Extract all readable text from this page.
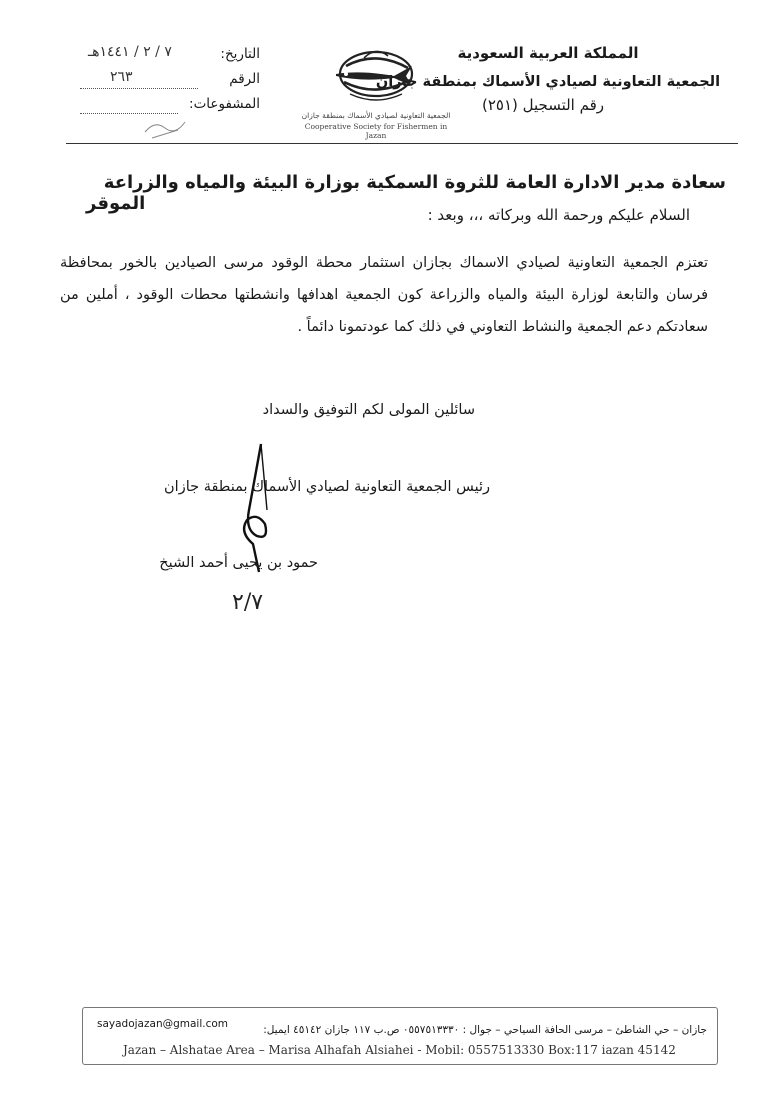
المملكة العربية السعودية
الجمعية التعاونية لصيادي الأسماك بمنطقة جازان
رقم التسجيل (٢٥١)
التاريخ:
٧ / ٢ / ١٤٤١هـ
الرقم
٢٦٣
المشفوعات:
الجمعية التعاونية لصيادي الأسماك بمنطقة جازان
Cooperative Society for Fishermen in Jazan
سعادة مدير الادارة العامة للثروة السمكية بوزارة البيئة والمياه والزراعة
الموقر
السلام عليكم ورحمة الله وبركاته ،،، وبعد :
تعتزم الجمعية التعاونية لصيادي الاسماك بجازان استثمار محطة الوقود مرسى الصيادين بالخور بمحافظة فرسان والتابعة لوزارة البيئة والمياه والزراعة كون الجمعية اهدافها وانشطتها محطات الوقود ، أملين من سعادتكم دعم الجمعية والنشاط التعاوني في ذلك كما عودتمونا دائماً .
سائلين المولى لكم التوفيق والسداد
رئيس الجمعية التعاونية لصيادي الأسماك بمنطقة جازان
حمود بن يحيى أحمد الشيخ
٢/٧
جازان – حي الشاطئ – مرسى الحافة السياحي – جوال : ٠٥٥٧٥١٣٣٣٠ ص.ب ١١٧ جازان ٤٥١٤٢ ايميل:
sayadojazan@gmail.com
Jazan – Alshatae Area – Marisa Alhafah Alsiahei - Mobil: 0557513330 Box:117 iazan 45142
